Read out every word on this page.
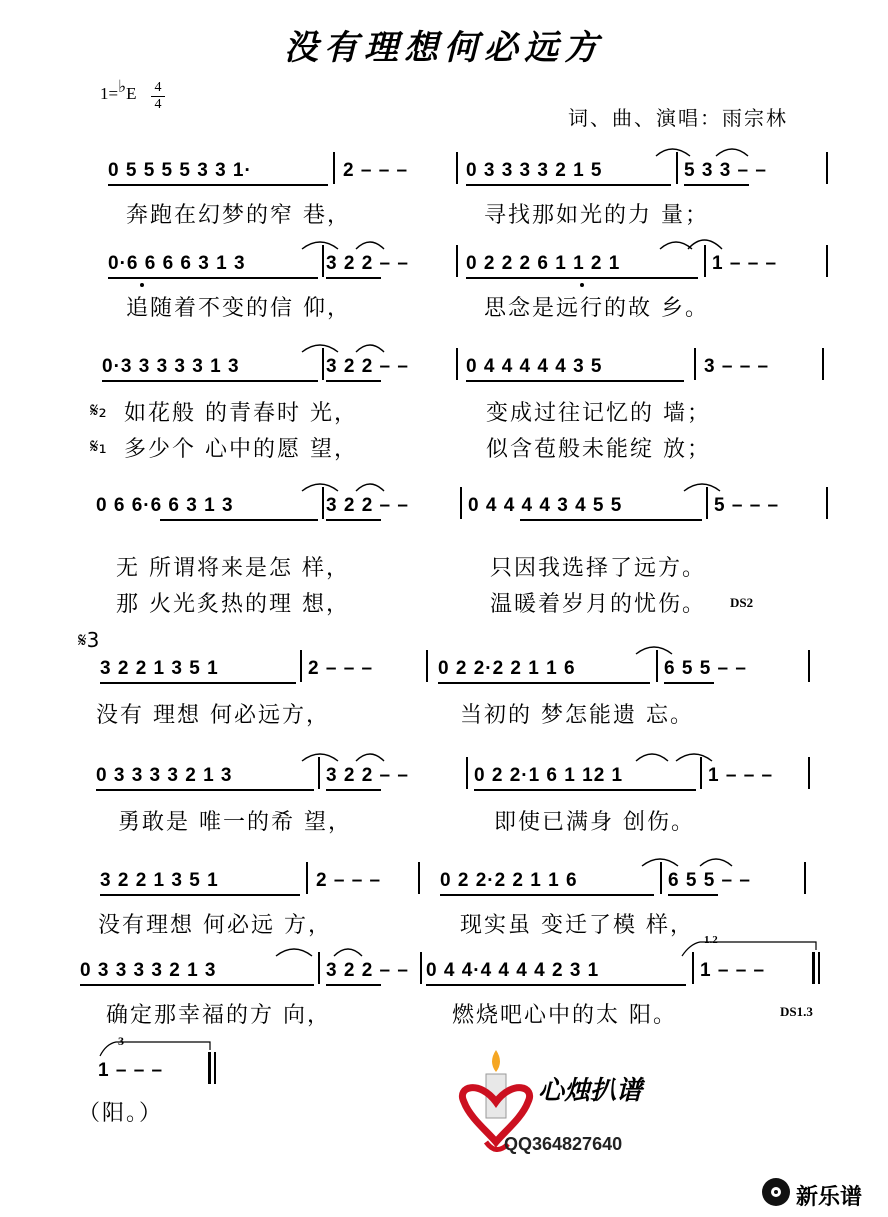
没有理想何必远方
1=♭E 4
4
词、曲、演唱：雨宗林
0 5 5 5 5 3 3 1·	2 – – –	0 3 3 3 3 2 1 5	5 3 3 – –
奔跑在幻梦的窄 巷，	寻找那如光的力 量；
0·6 6 6 6 3 1 3	3 2 2 – –	0 2 2 2 6 1 1 2 1	1 – – –
追随着不变的信 仰，	思念是远行的故 乡。
0·3 3 3 3 3 1 3	3 2 2 – –	0 4 4 4 4 4 3 5	3 – – –
𝄋₂ 如花般 的青春时 光，	变成过往记忆的 墙；
𝄋₁ 多少个 心中的愿 望，	似含苞般未能绽 放；
0 6 6·6 6 3 1 3	3 2 2 – –	0 4 4 4 4 3 4 5 5	5 – – –
无 所谓将来是怎 样，	只因我选择了远方。
那 火光炙热的理 想，	温暖着岁月的忧伤。 DS2
𝄋3
3 2 2 1 3 5 1	2 – – –	0 2 2·2 2 1 1 6	6 5 5 – –
没有 理想 何必远方，	当初的 梦怎能遗 忘。
0 3 3 3 3 2 1 3	3 2 2 – –	0 2 2·1 6 1 12 1	1 – – –
勇敢是 唯一的希 望，	即使已满身 创伤。
3 2 2 1 3 5 1	2 – – –	0 2 2·2 2 1 1 6	6 5 5 – –
没有理想 何必远 方，	现实虽 变迁了模 样，
0 3 3 3 3 2 1 3	3 2 2 – – 0 4 4·4 4 4 4 2 3 1	1 – – –
1.2
确定那幸福的方 向，	燃烧吧心中的太 阳。	DS1.3
3
1 – – –
（阳。）
心烛扒谱
QQ364827640
新乐谱
